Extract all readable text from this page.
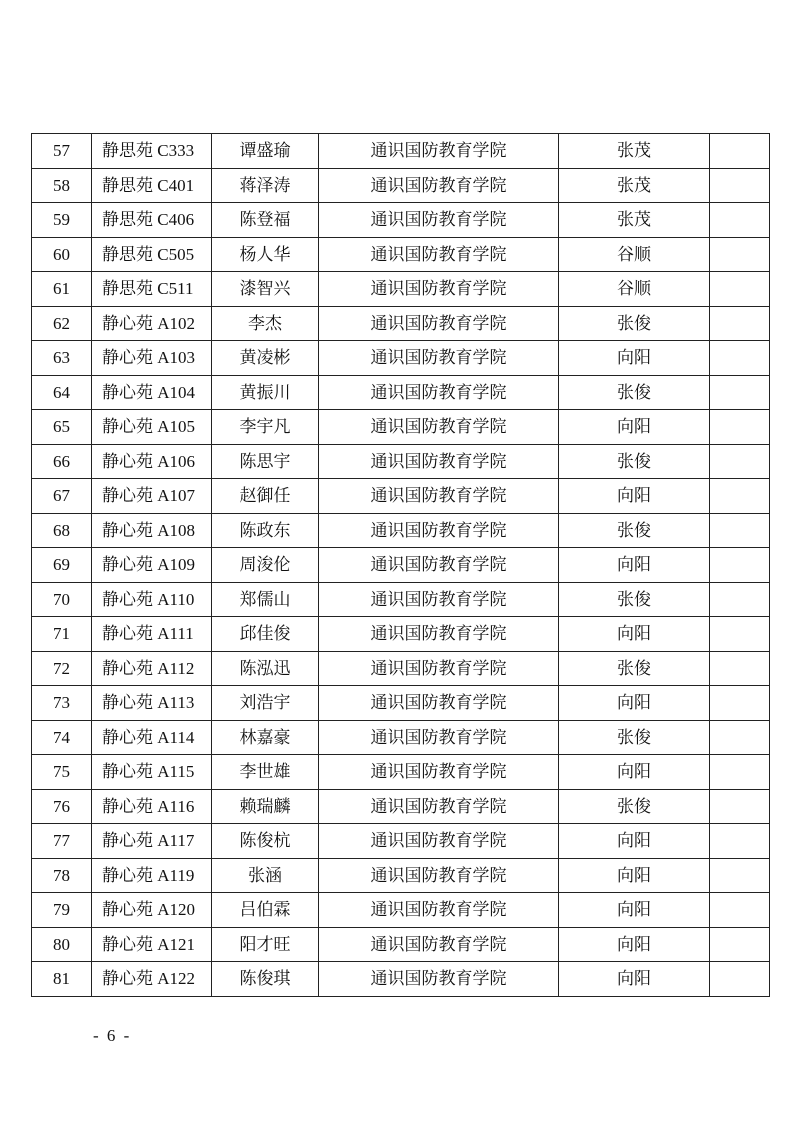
57	静思苑 C333	谭盛瑜	通识国防教育学院	张茂	
58	静思苑 C401	蒋泽涛	通识国防教育学院	张茂	
59	静思苑 C406	陈登福	通识国防教育学院	张茂	
60	静思苑 C505	杨人华	通识国防教育学院	谷顺	
61	静思苑 C511	漆智兴	通识国防教育学院	谷顺	
62	静心苑 A102	李杰	通识国防教育学院	张俊	
63	静心苑 A103	黄凌彬	通识国防教育学院	向阳	
64	静心苑 A104	黄振川	通识国防教育学院	张俊	
65	静心苑 A105	李宇凡	通识国防教育学院	向阳	
66	静心苑 A106	陈思宇	通识国防教育学院	张俊	
67	静心苑 A107	赵御任	通识国防教育学院	向阳	
68	静心苑 A108	陈政东	通识国防教育学院	张俊	
69	静心苑 A109	周浚伦	通识国防教育学院	向阳	
70	静心苑 A110	郑儒山	通识国防教育学院	张俊	
71	静心苑 A111	邱佳俊	通识国防教育学院	向阳	
72	静心苑 A112	陈泓迅	通识国防教育学院	张俊	
73	静心苑 A113	刘浩宇	通识国防教育学院	向阳	
74	静心苑 A114	林嘉豪	通识国防教育学院	张俊	
75	静心苑 A115	李世雄	通识国防教育学院	向阳	
76	静心苑 A116	赖瑞麟	通识国防教育学院	张俊	
77	静心苑 A117	陈俊杭	通识国防教育学院	向阳	
78	静心苑 A119	张涵	通识国防教育学院	向阳	
79	静心苑 A120	吕伯霖	通识国防教育学院	向阳	
80	静心苑 A121	阳才旺	通识国防教育学院	向阳	
81	静心苑 A122	陈俊琪	通识国防教育学院	向阳	
- 6 -
